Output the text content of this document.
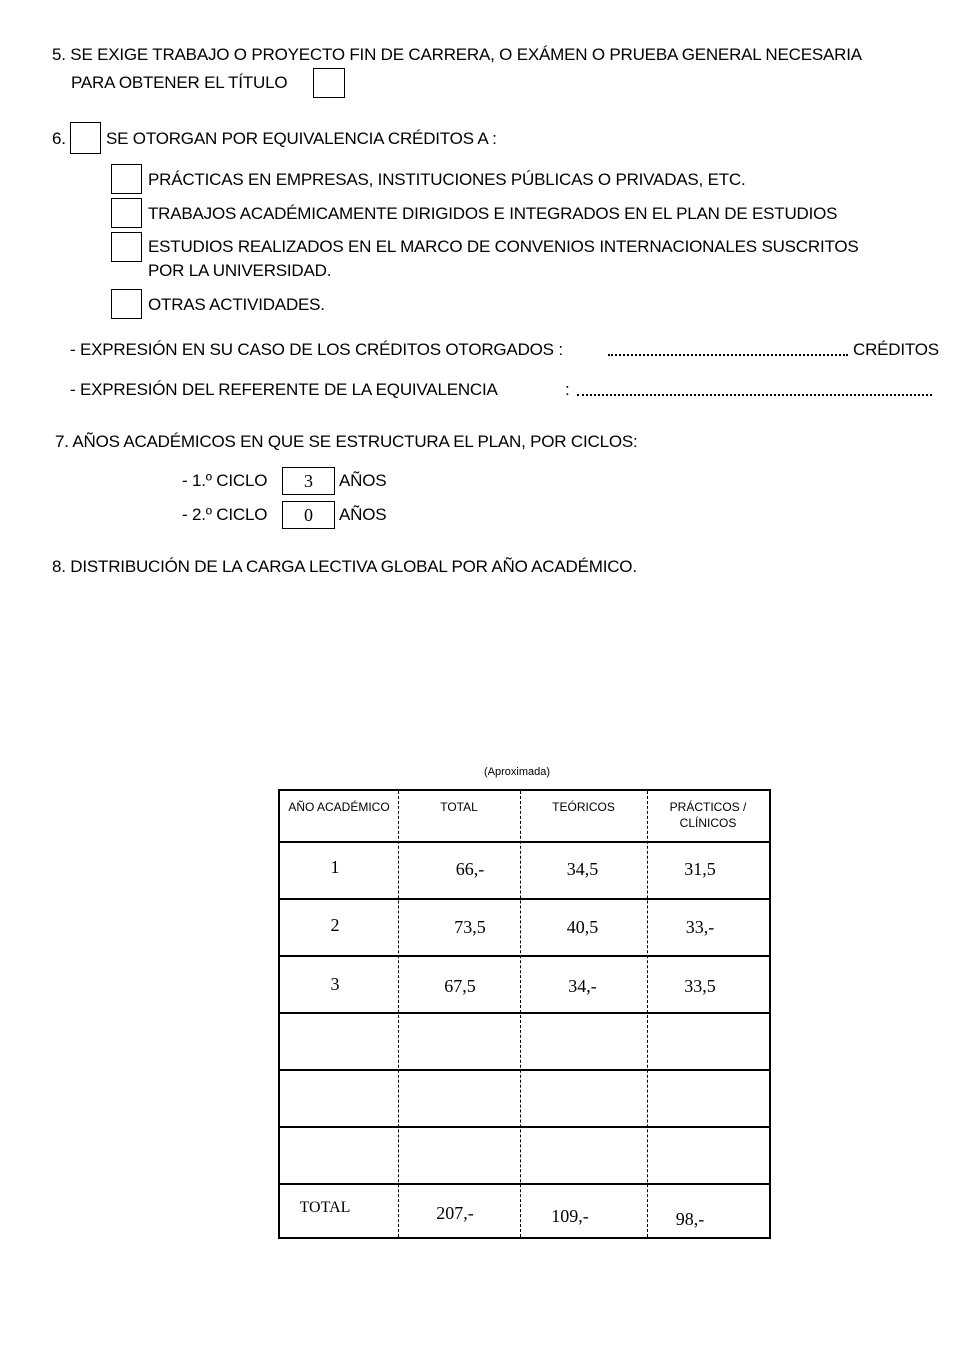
5. SE EXIGE TRABAJO O PROYECTO FIN DE CARRERA, O EXÁMEN O PRUEBA GENERAL NECESARIA
PARA OBTENER EL TÍTULO
6. SE OTORGAN POR EQUIVALENCIA CRÉDITOS A :
PRÁCTICAS EN EMPRESAS, INSTITUCIONES PÚBLICAS O PRIVADAS, ETC.
TRABAJOS ACADÉMICAMENTE DIRIGIDOS E INTEGRADOS EN EL PLAN DE ESTUDIOS
ESTUDIOS REALIZADOS EN EL MARCO DE CONVENIOS INTERNACIONALES SUSCRITOS
POR LA UNIVERSIDAD.
OTRAS ACTIVIDADES.
- EXPRESIÓN EN SU CASO DE LOS CRÉDITOS OTORGADOS :	CRÉDITOS
- EXPRESIÓN DEL REFERENTE DE LA EQUIVALENCIA	:
7. AÑOS ACADÉMICOS EN QUE SE ESTRUCTURA EL PLAN, POR CICLOS:
- 1.º CICLO	3	AÑOS
- 2.º CICLO	0	AÑOS
8. DISTRIBUCIÓN DE LA CARGA LECTIVA GLOBAL POR AÑO ACADÉMICO.
(Aproximada)
AÑO ACADÉMICO	TOTAL	TEÓRICOS	PRÁCTICOS /
CLÍNICOS
1	66,-	34,5	31,5
2	73,5	40,5	33,-
3	67,5	34,-	33,5
TOTAL	207,-	109,-	98,-
